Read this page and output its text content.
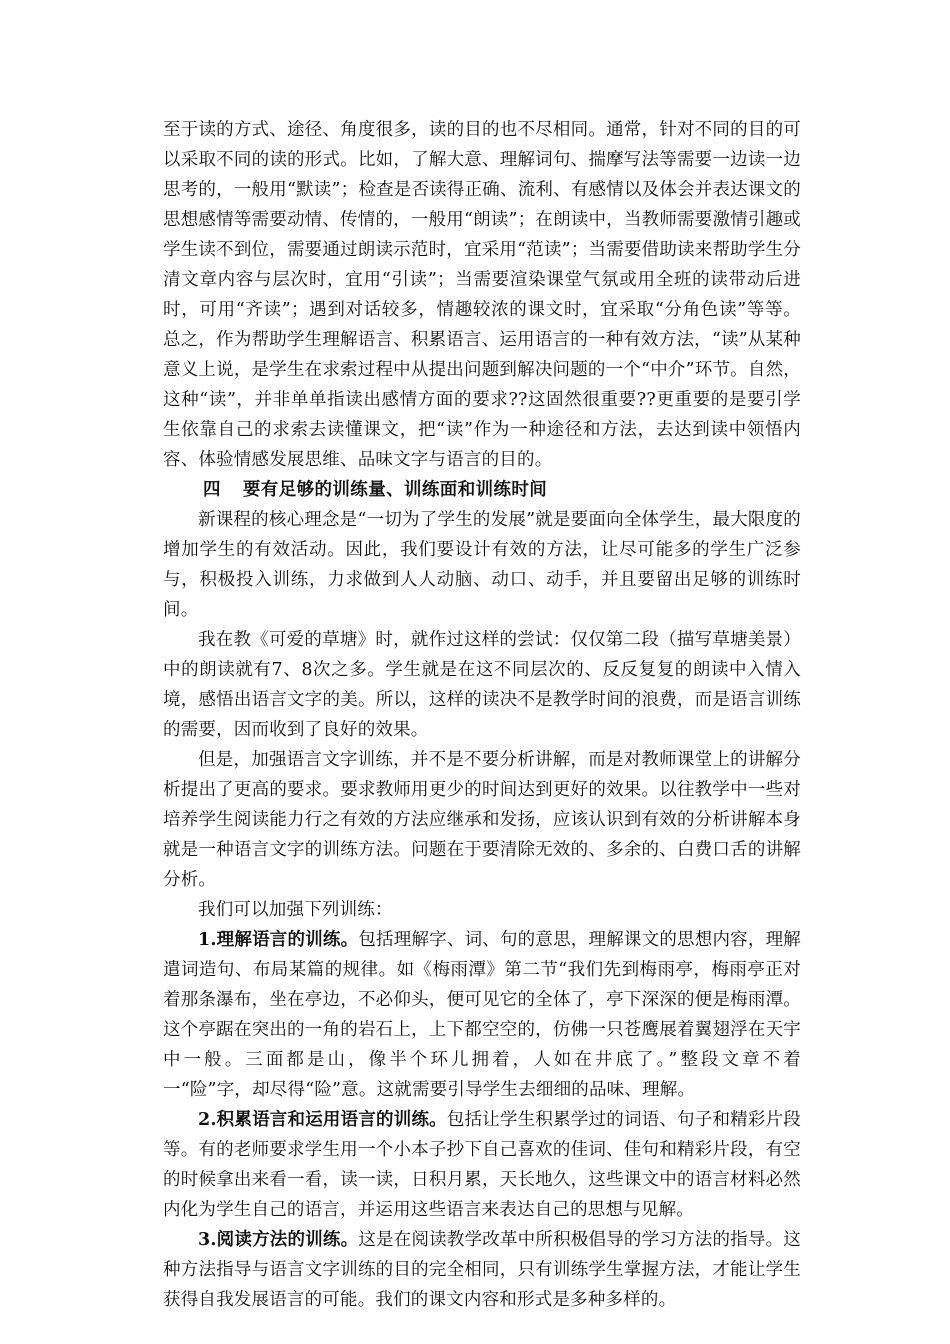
至于读的方式、途径、角度很多，读的目的也不尽相同。通常，针对不同的目的可以采取不同的读的形式。比如，了解大意、理解词句、揣摩写法等需要一边读一边思考的，一般用“默读”；检查是否读得正确、流利、有感情以及体会并表达课文的思想感情等需要动情、传情的，一般用“朗读”；在朗读中，当教师需要激情引趣或学生读不到位，需要通过朗读示范时，宜采用“范读”；当需要借助读来帮助学生分清文章内容与层次时，宜用“引读”；当需要渲染课堂气氛或用全班的读带动后进时，可用“齐读”；遇到对话较多，情趣较浓的课文时，宜采取“分角色读”等等。总之，作为帮助学生理解语言、积累语言、运用语言的一种有效方法，“读”从某种意义上说，是学生在求索过程中从提出问题到解决问题的一个“中介”环节。自然，这种“读”，并非单单指读出感情方面的要求??这固然很重要??更重要的是要引学生依靠自己的求索去读懂课文，把“读”作为一种途径和方法，去达到读中领悟内容、体验情感发展思维、品味文字与语言的目的。

四 要有足够的训练量、训练面和训练时间

新课程的核心理念是“一切为了学生的发展”就是要面向全体学生，最大限度的增加学生的有效活动。因此，我们要设计有效的方法，让尽可能多的学生广泛参与，积极投入训练，力求做到人人动脑、动口、动手，并且要留出足够的训练时间。

我在教《可爱的草塘》时，就作过这样的尝试：仅仅第二段（描写草塘美景）中的朗读就有7、8次之多。学生就是在这不同层次的、反反复复的朗读中入情入境，感悟出语言文字的美。所以，这样的读决不是教学时间的浪费，而是语言训练的需要，因而收到了良好的效果。

但是，加强语言文字训练，并不是不要分析讲解，而是对教师课堂上的讲解分析提出了更高的要求。要求教师用更少的时间达到更好的效果。以往教学中一些对培养学生阅读能力行之有效的方法应继承和发扬，应该认识到有效的分析讲解本身就是一种语言文字的训练方法。问题在于要清除无效的、多余的、白费口舌的讲解分析。

我们可以加强下列训练：

1.理解语言的训练。包括理解字、词、句的意思，理解课文的思想内容，理解遣词造句、布局某篇的规律。如《梅雨潭》第二节“我们先到梅雨亭，梅雨亭正对着那条瀑布，坐在亭边，不必仰头，便可见它的全体了，亭下深深的便是梅雨潭。这个亭踞在突出的一角的岩石上，上下都空空的，仿佛一只苍鹰展着翼翅浮在天宇中一般。三面都是山，像半个环儿拥着，人如在井底了。”整段文章不着一“险”字，却尽得“险”意。这就需要引导学生去细细的品味、理解。

2.积累语言和运用语言的训练。包括让学生积累学过的词语、句子和精彩片段等。有的老师要求学生用一个小本子抄下自己喜欢的佳词、佳句和精彩片段，有空的时候拿出来看一看，读一读，日积月累，天长地久，这些课文中的语言材料必然内化为学生自己的语言，并运用这些语言来表达自己的思想与见解。

3.阅读方法的训练。这是在阅读教学改革中所积极倡导的学习方法的指导。这种方法指导与语言文字训练的目的完全相同，只有训练学生掌握方法，才能让学生获得自我发展语言的可能。我们的课文内容和形式是多种多样的。
